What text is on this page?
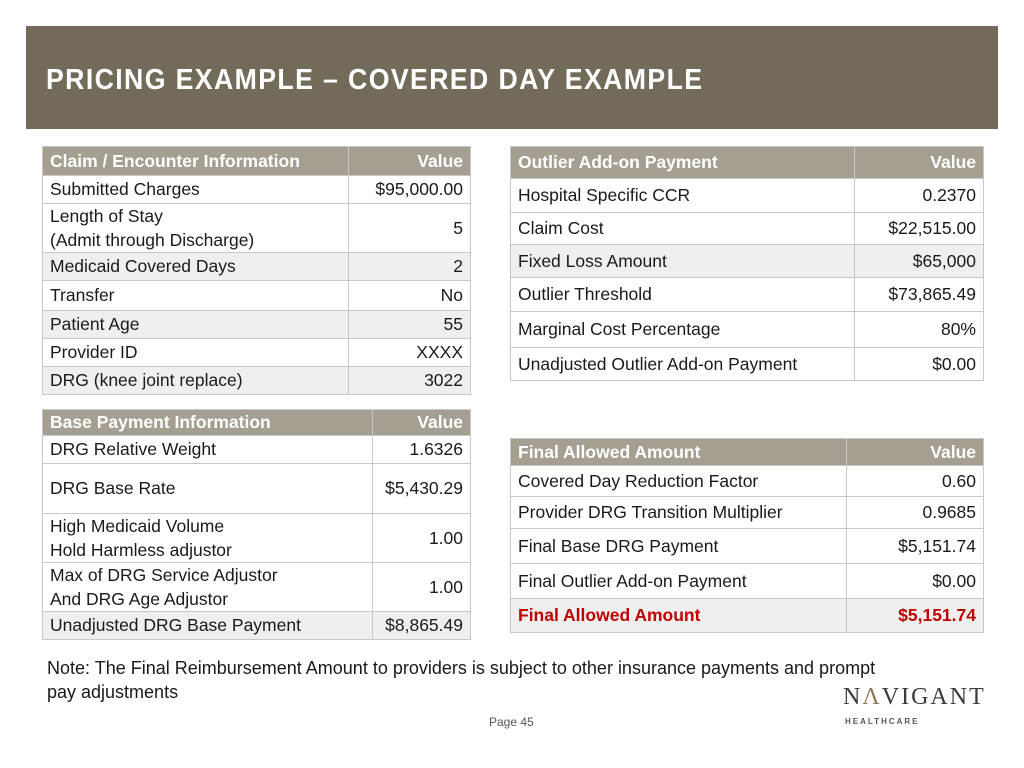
PRICING EXAMPLE – COVERED DAY EXAMPLE
Claim / Encounter Information	Value
Submitted Charges	$95,000.00

Length of Stay
(Admit through Discharge)	5
Medicaid Covered Days	2
Transfer	No
Patient Age	55
Provider ID	XXXX
DRG (knee joint replace)	3022
Base Payment Information	Value
DRG Relative Weight	1.6326
DRG Base Rate	$5,430.29

High Medicaid Volume
Hold Harmless adjustor	1.00

Max of DRG Service Adjustor
And DRG Age Adjustor	1.00
Unadjusted DRG Base Payment	$8,865.49
Outlier Add-on Payment	Value
Hospital Specific CCR	0.2370
Claim Cost	$22,515.00
Fixed Loss Amount	$65,000
Outlier Threshold	$73,865.49
Marginal Cost Percentage	80%
Unadjusted Outlier Add-on Payment	$0.00
Final Allowed Amount	Value
Covered Day Reduction Factor	0.60
Provider DRG Transition Multiplier	0.9685
Final Base DRG Payment	$5,151.74
Final Outlier Add-on Payment	$0.00
Final Allowed Amount	$5,151.74

Note: The Final Reimbursement Amount to providers is subject to other insurance payments and prompt pay adjustments

Page 45
NΛVIGANT
HEALTHCARE
